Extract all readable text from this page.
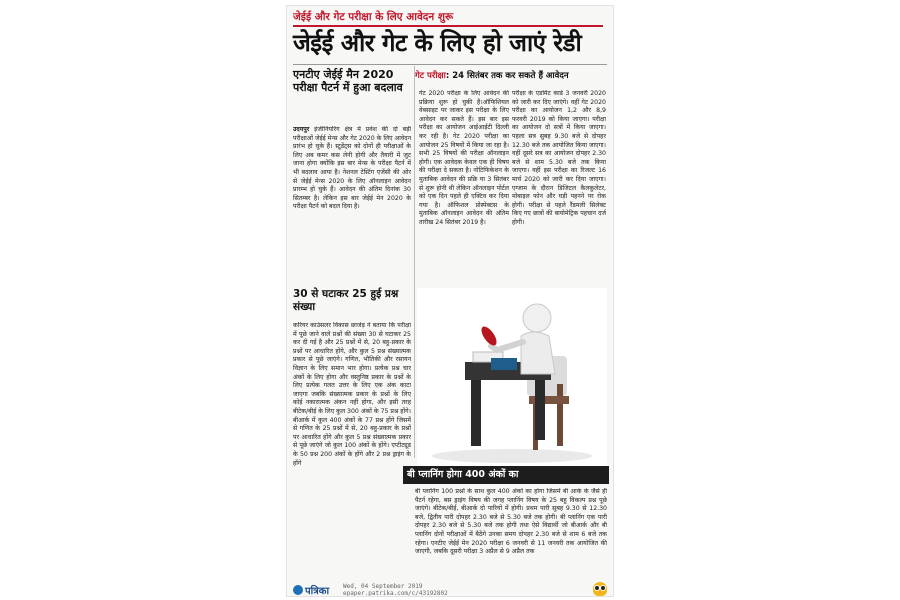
जेईई और गेट परीक्षा के लिए आवेदन शुरू
जेईई और गेट के लिए हो जाएं रेडी
एनटीए जेईई मैन 2020 परीक्षा पैटर्न में हुआ बदलाव
उदयपुर इंजीनियरिंग क्षेत्र में प्रवेश की दो बड़ी परीक्षाओं जेईई मेन्स और गेट 2020 के लिए आवेदन प्रारंभ हो चुके हैं। स्टूडेंट्स को दोनों ही परीक्षाओं के लिए अब कमर कस लेनी होगी और तैयारी में जुट जाना होगा क्योंकि इस बार मेन्स के परीक्षा पैटर्न में भी बदलाव आया है। नेशनल टेस्टिंग एजेंसी की ओर से जेईई मेन्स 2020 के लिए ऑनलाइन आवेदन प्रारम्भ हो चुके हैं। आवेदन की अंतिम दिनांक 30 सितम्बर है। लेकिन इस बार जेईई मेन 2020 के परीक्षा पैटर्न को बदल दिया है।
30 से घटाकर 25 हुई प्रश्न संख्या
करियर काउंसलर विकास छाजेड़ ने बताया कि परीक्षा में पूछे जाने वाले प्रश्नों की संख्या 30 से घटाकर 25 कर दी गई है और 25 प्रश्नों में से, 20 बहु-प्रकार के प्रश्नों पर आधारित होंगे, और कुल 5 प्रश्न संख्यात्मक प्रकार से पूछे जाएंगे। गणित, भौतिकी और रसायन विज्ञान के लिए समान भार होगा। प्रत्येक प्रश्न चार अंकों के लिए होगा और वस्तुनिष्ठ प्रकार के प्रश्नों के लिए प्रत्येक गलत उत्तर के लिए एक अंक काटा जाएगा जबकि संख्यात्मक प्रकार के प्रश्नों के लिए कोई नकारात्मक अंकन नहीं होगा, और इसी तरह बीटेक/बीई के लिए कुल 300 अंकों के 75 प्रश्न होंगे। बीआर्क में कुल 400 अंकों के 77 प्रश्न होंगे जिसमें से गणित के 25 प्रश्नों में से, 20 बहु-प्रकार के प्रश्नों पर आधारित होंगे और कुल 5 प्रश्न संख्यात्मक प्रकार से पूछे जाएंगे जो कुल 100 अंकों के होंगे। एप्टीट्यूड के 50 प्रश्न 200 अंकों के होंगे और 2 प्रश्न ड्राइंग के होंगे
गेट परीक्षा: 24 सितंबर तक कर सकते हैं आवेदन
गेट 2020 परीक्षा के लिए आवेदन की प्रक्रिया शुरू हो चुकी है।ऑफिशियल वेबसाइट पर जाकर इस परीक्षा के लिए आवेदन कर सकते हैं। इस बार इस परीक्षा का आयोजन आईआईटी दिल्ली कर रही है। गेट 2020 परीक्षा का आयोजन 25 विषयों में किया जा रहा है। सभी 25 विषयों की परीक्षा ऑनलाइन होगी। एक आवेदक केवल एक ही विषय की परीक्षा दे सकता है। नोटिफिकेशन के मुताबिक आवेदन की प्रक्रि या 3 सितंबर से शुरू होनी थी लेकिन ऑनलाइन पोर्टल को एक दिन पहले ही एक्टिव कर दिया गया है। ऑफिशल प्रोस्पेक्टस के मुताबिक ऑनलाइन आवेदन की अंतिम तारीख 24 सितंबर 2019 है।
परीक्षा के एडमिट कार्ड 3 जनवरी 2020 को जारी कर दिए जाएंगे। वहीं गेट 2020 परीक्षा का आयोजन 1,2 और 8,9 फरवरी 2019 को किया जाएगा। परीक्षा का आयोजन दो सत्रों में किया जाएगा। पहला सत्र सुबह 9.30 बजे से दोपहर 12.30 बजे तक आयोजित किया जाएगा। वहीं दूसरे सत्र का आयोजन दोपहर 2.30 बजे से शाम 5.30 बजे तक किया जाएगा। वहीं इस परीक्षा का रिजल्ट 16 मार्च 2020 को जारी कर दिया जाएगा। एग्जाम के दौरान डिजिटल कैलकुलेटर, मोबाइल फोन और घड़ी पहनने पर रोक होगी। परीक्षा से पहले रैंडमली सिलेक्ट किए गए छात्रों की बायोमेट्रिक पहचान दर्ज होगी।
बी प्लानिंग होगा 400 अंकों का
बी प्लानिंग 100 प्रश्नों के साथ कुल 400 अंकों का होगा जिसमें बी आर्क के जैसे ही पैटर्न रहेगा, बस ड्राइंग विषय की जगह प्लानिंग विषय के 25 बहु विकल्प प्रश्न पूछे जाएंगे। बीटेक/बीई, बीआर्क दो पारियों में होगी। प्रथम पारी सुबह 9.30 से 12.30 बजे, द्वितीय पारी दोपहर 2.30 बजे से 5.30 बजे तक होगी। बी प्लानिंग एक पारी दोपहर 2.30 बजे से 5.30 बजे तक होगी तथा ऐसे विद्यार्थी जो बीआर्क और बी प्लानिंग दोनों परीक्षाओं में बैठेंगे उनका समय दोपहर 2.30 बजे से शाम 6 बजे तक रहेगा। एनटीए जेईई मेन 2020 परीक्षा 6 जनवरी से 11 जनवरी तक आयोजित की जाएगी, जबकि दूसरी परीक्षा 3 अप्रैल से 9 अप्रैल तक
पत्रिका Wed, 04 September 2019
epaper.patrika.com/c/43192802
